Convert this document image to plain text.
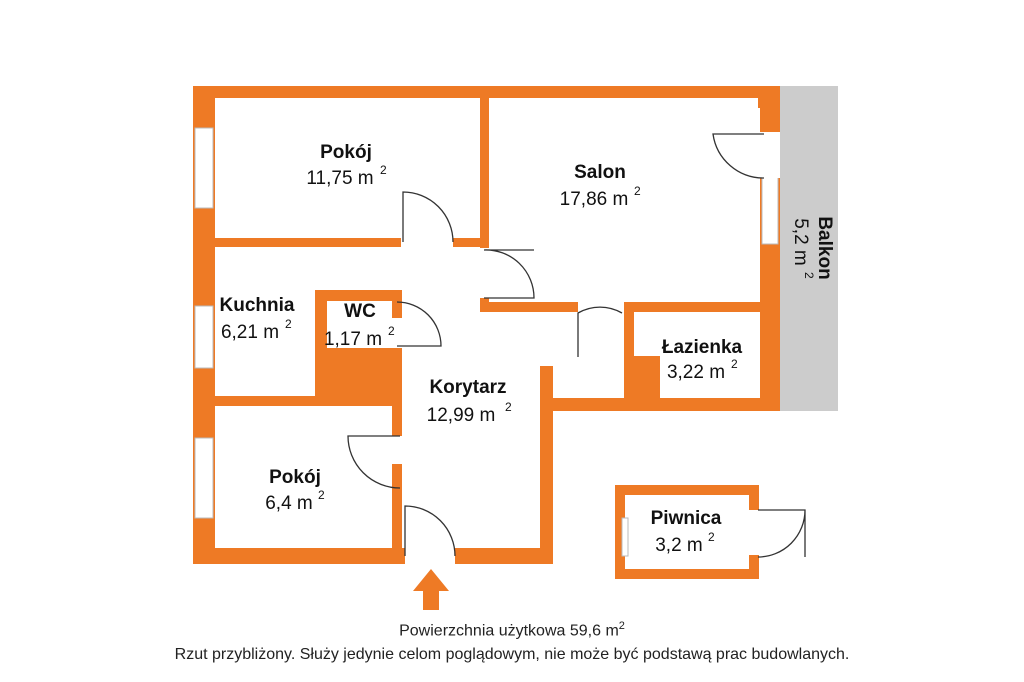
Pokój
11,75 m 2	Salon
17,86 m 2
Balkon
5,2 m
2
Kuchnia
6,21 m 2
WC
1,17 m 2
Łazienka
3,22 m 2
Korytarz
12,99 m 2
Pokój
6,4 m 2
Piwnica
3,2 m 2
Powierzchnia użytkowa 59,6 $m^2$
Rzut przybliżony. Służy jedynie celom poglądowym, nie może być podstawą prac budowlanych.
